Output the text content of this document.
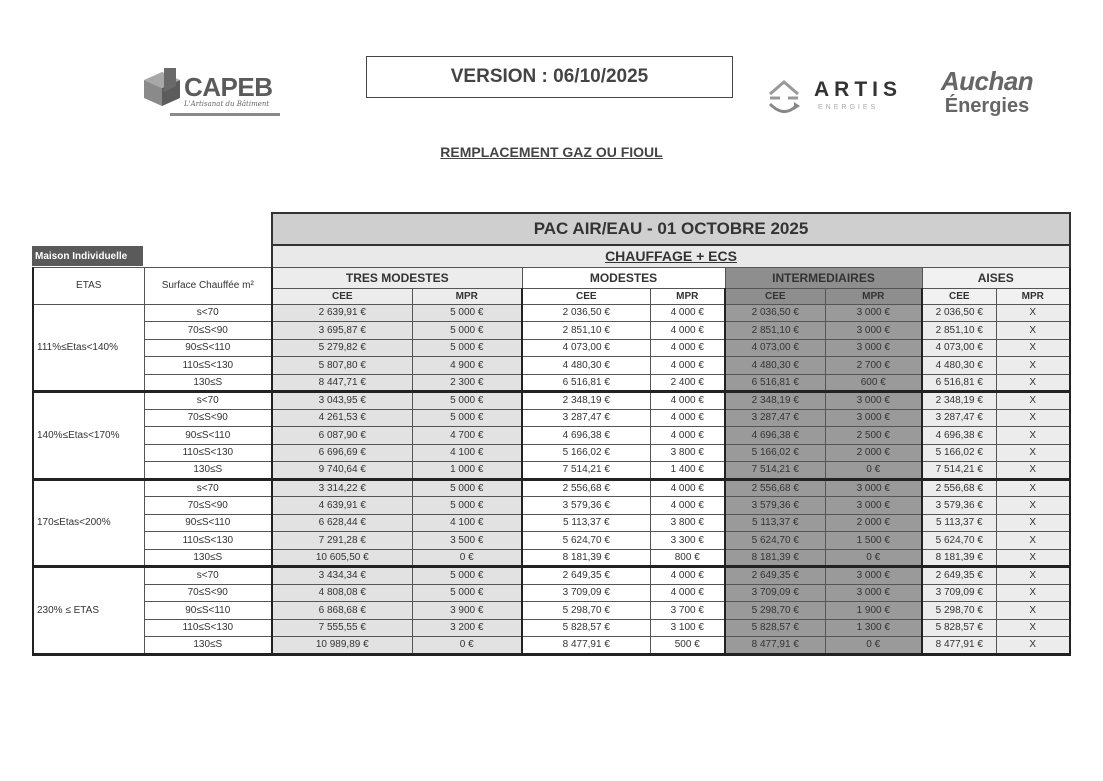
CAPEB
L'Artisanat du Bâtiment
VERSION : 06/10/2025
ARTIS
ENERGIES
Auchan
Énergies
REMPLACEMENT GAZ OU FIOUL
		PAC AIR/EAU - 01 OCTOBRE 2025							
		CHAUFFAGE + ECS							
ETAS	Surface Chauffée m²	TRES MODESTES		MODESTES		INTERMEDIAIRES		AISES	
		CEE	MPR	CEE	MPR	CEE	MPR	CEE	MPR
111%≤Etas<140%	s<70	2 639,91 €	5 000 €	2 036,50 €	4 000 €	2 036,50 €	3 000 €	2 036,50 €	X
	70≤S<90	3 695,87 €	5 000 €	2 851,10 €	4 000 €	2 851,10 €	3 000 €	2 851,10 €	X
	90≤S<110	5 279,82 €	5 000 €	4 073,00 €	4 000 €	4 073,00 €	3 000 €	4 073,00 €	X
	110≤S<130	5 807,80 €	4 900 €	4 480,30 €	4 000 €	4 480,30 €	2 700 €	4 480,30 €	X
	130≤S	8 447,71 €	2 300 €	6 516,81 €	2 400 €	6 516,81 €	600 €	6 516,81 €	X
140%≤Etas<170%	s<70	3 043,95 €	5 000 €	2 348,19 €	4 000 €	2 348,19 €	3 000 €	2 348,19 €	X
	70≤S<90	4 261,53 €	5 000 €	3 287,47 €	4 000 €	3 287,47 €	3 000 €	3 287,47 €	X
	90≤S<110	6 087,90 €	4 700 €	4 696,38 €	4 000 €	4 696,38 €	2 500 €	4 696,38 €	X
	110≤S<130	6 696,69 €	4 100 €	5 166,02 €	3 800 €	5 166,02 €	2 000 €	5 166,02 €	X
	130≤S	9 740,64 €	1 000 €	7 514,21 €	1 400 €	7 514,21 €	0 €	7 514,21 €	X
170≤Etas<200%	s<70	3 314,22 €	5 000 €	2 556,68 €	4 000 €	2 556,68 €	3 000 €	2 556,68 €	X
	70≤S<90	4 639,91 €	5 000 €	3 579,36 €	4 000 €	3 579,36 €	3 000 €	3 579,36 €	X
	90≤S<110	6 628,44 €	4 100 €	5 113,37 €	3 800 €	5 113,37 €	2 000 €	5 113,37 €	X
	110≤S<130	7 291,28 €	3 500 €	5 624,70 €	3 300 €	5 624,70 €	1 500 €	5 624,70 €	X
	130≤S	10 605,50 €	0 €	8 181,39 €	800 €	8 181,39 €	0 €	8 181,39 €	X
230% ≤ ETAS	s<70	3 434,34 €	5 000 €	2 649,35 €	4 000 €	2 649,35 €	3 000 €	2 649,35 €	X
	70≤S<90	4 808,08 €	5 000 €	3 709,09 €	4 000 €	3 709,09 €	3 000 €	3 709,09 €	X
	90≤S<110	6 868,68 €	3 900 €	5 298,70 €	3 700 €	5 298,70 €	1 900 €	5 298,70 €	X
	110≤S<130	7 555,55 €	3 200 €	5 828,57 €	3 100 €	5 828,57 €	1 300 €	5 828,57 €	X
	130≤S	10 989,89 €	0 €	8 477,91 €	500 €	8 477,91 €	0 €	8 477,91 €	X
Maison Individuelle
